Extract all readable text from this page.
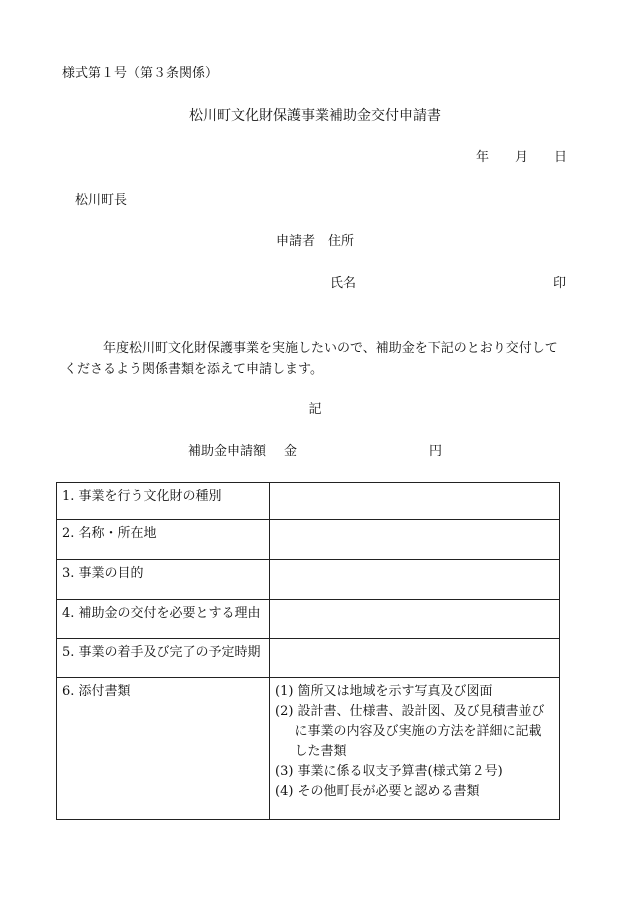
様式第１号（第３条関係）
松川町文化財保護事業補助金交付申請書
年 月 日
松川町長
申請者 住所
氏名	印
年度松川町文化財保護事業を実施したいので、補助金を下記のとおり交付してくださるよう関係書類を添えて申請します。
記
補助金申請額 金	円
1. 事業を行う文化財の種別	
2. 名称・所在地	
3. 事業の目的	
4. 補助金の交付を必要とする理由	
5. 事業の着手及び完了の予定時期	
6. 添付書類	(1) 箇所又は地域を示す写真及び図面
(2) 設計書、仕様書、設計図、及び見積書並びに事業の内容及び実施の方法を詳細に記載した書類
(3) 事業に係る収支予算書(様式第２号)
(4) その他町長が必要と認める書類
